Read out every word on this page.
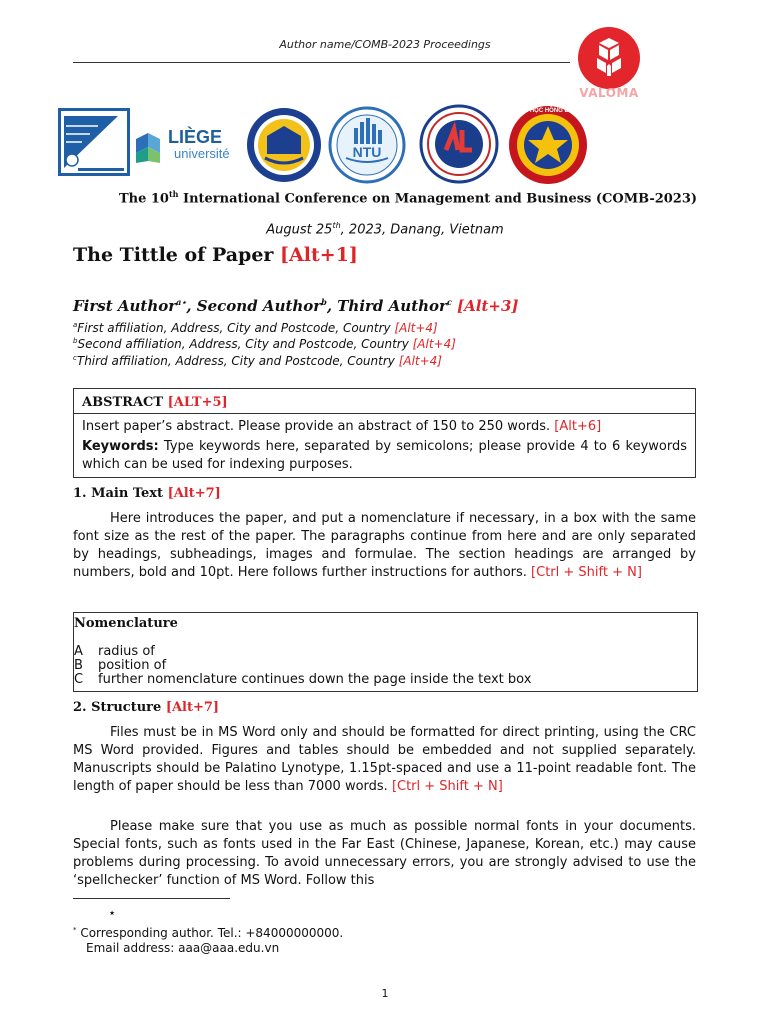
Author name/COMB-2023 Proceedings
VALOMA
LIÈGE
université	NTU
ĐẠI HỌC HỒNG ĐỨC
The 10th International Conference on Management and Business (COMB-2023)
August 25th, 2023, Danang, Vietnam
The Tittle of Paper [Alt+1]
First Author$^{a⋆}$, Second Author$^b$, Third Author$^c$ [Alt+3]
$^a$First affiliation, Address, City and Postcode, Country [Alt+4]
$^b$Second affiliation, Address, City and Postcode, Country [Alt+4]
$^c$Third affiliation, Address, City and Postcode, Country [Alt+4]
ABSTRACT [ALT+5]
Insert paper’s abstract. Please provide an abstract of 150 to 250 words. [Alt+6]
Keywords: Type keywords here, separated by semicolons; please provide 4 to 6 keywords which can be used for indexing purposes.
1. Main Text [Alt+7]
Here introduces the paper, and put a nomenclature if necessary, in a box with the same font size as the rest of the paper. The paragraphs continue from here and are only separated by headings, subheadings, images and formulae. The section headings are arranged by numbers, bold and 10pt. Here follows further instructions for authors. [Ctrl + Shift + N]
Nomenclature
A	radius of
B	position of
C	further nomenclature continues down the page inside the text box
2. Structure [Alt+7]
Files must be in MS Word only and should be formatted for direct printing, using the CRC MS Word provided. Figures and tables should be embedded and not supplied separately. Manuscripts should be Palatino Lynotype, 1.15pt-spaced and use a 11-point readable font. The length of paper should be less than 7000 words. [Ctrl + Shift + N]
Please make sure that you use as much as possible normal fonts in your documents. Special fonts, such as fonts used in the Far East (Chinese, Japanese, Korean, etc.) may cause problems during processing. To avoid unnecessary errors, you are strongly advised to use the ‘spellchecker’ function of MS Word. Follow this
⋆
* Corresponding author. Tel.: +84000000000.
Email address: aaa@aaa.edu.vn
1
